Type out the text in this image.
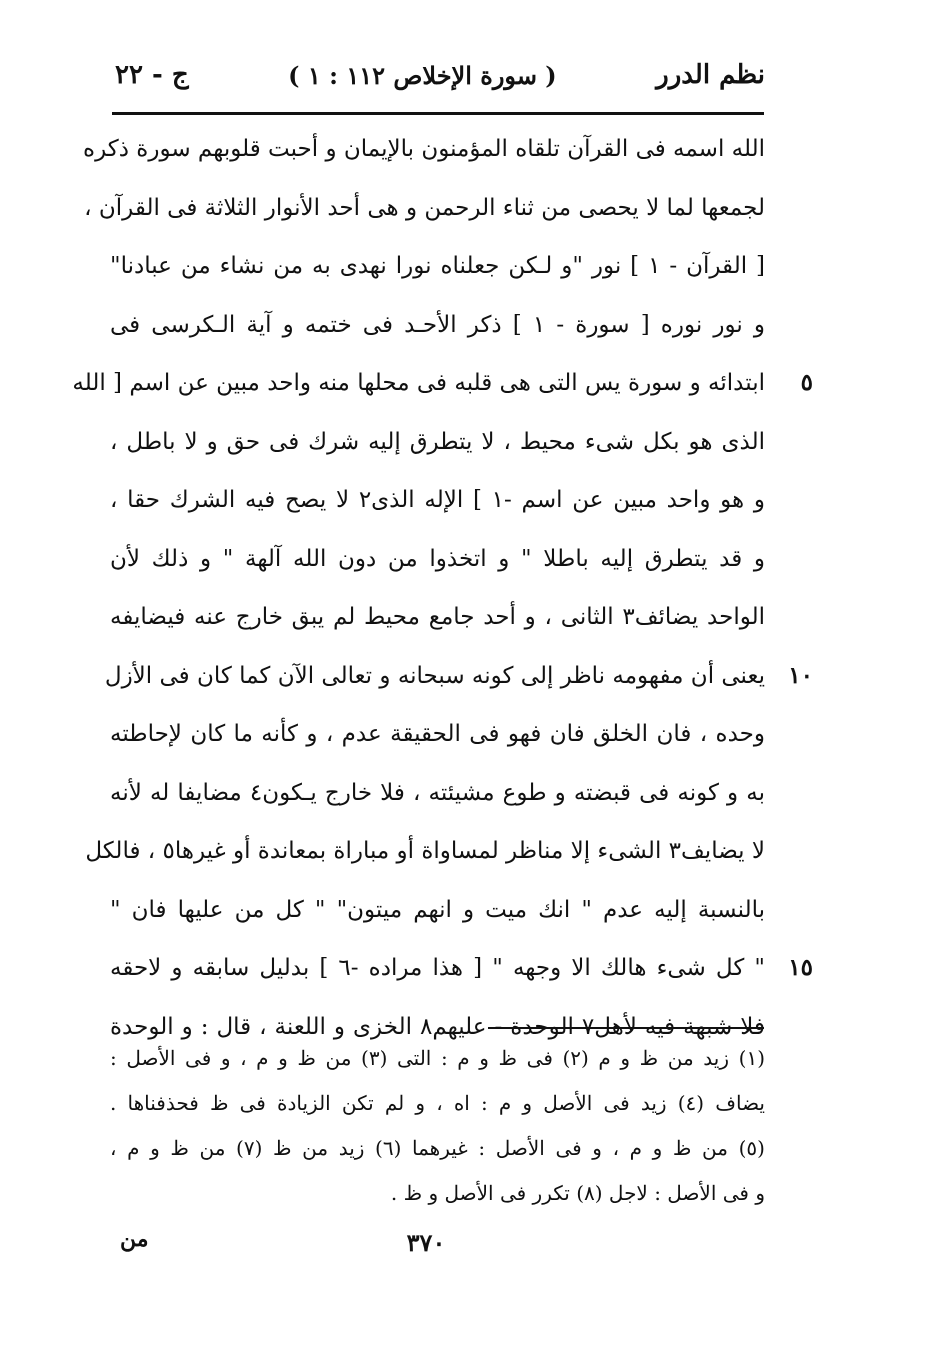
نظم الدرر
( سورة الإخلاص ١١٢ : ١ )
ج - ٢٢
الله اسمه فى القرآن تلقاه المؤمنون بالإيمان و أحبت قلوبهم سورة ذكره
لجمعها لما لا يحصى من ثناء الرحمن و هى أحد الأنوار الثلاثة فى القرآن ،
[ القرآن - ١ ] نور "و لـكن جعلناه نورا نهدى به من نشاء من عبادنا"
و نور نوره [ سورة - ١ ] ذكر الأحـد فى ختمه و آية الـكرسى فى
٥
ابتدائه و سورة يس التى هى قلبه فى محلها منه واحد مبين عن اسم [ الله
الذى هو بكل شىء محيط ، لا يتطرق إليه شرك فى حق و لا باطل ،
و هو واحد مبين عن اسم -١ ] الإله الذى٢ لا يصح فيه الشرك حقا ،
و قد يتطرق إليه باطلا " و اتخذوا من دون الله آلهة " و ذلك لأن
الواحد يضائف٣ الثانى ، و أحد جامع محيط لم يبق خارج عنه فيضايفه
١٠
يعنى أن مفهومه ناظر إلى كونه سبحانه و تعالى الآن كما كان فى الأزل
وحده ، فان الخلق فان فهو فى الحقيقة عدم ، و كأنه ما كان لإحاطته
به و كونه فى قبضته و طوع مشيئته ، فلا خارج يـكون٤ مضايفا له لأنه
لا يضايف٣ الشىء إلا مناظر لمساواة أو مباراة بمعاندة أو غيرها٥ ، فالكل
بالنسبة إليه عدم " انك ميت و انهم ميتون" " كل من عليها فان "
١٥
" كل شىء هالك الا وجهه " [ هذا مراده -٦ ] بدليل سابقه و لاحقه
فلا شبهة فيه لأهل٧ الوحدة - عليهم٨ الخزى و اللعنة ، قال : و الوحدة
(١) زيد من ظ و م (٢) فى ظ و م : التى (٣) من ظ و م ، و فى الأصل :
يضاف (٤) زيد فى الأصل و م : اه ، و لم تكن الزيادة فى ظ فحذفناها .
(٥) من ظ و م ، و فى الأصل : غيرهما (٦) زيد من ظ (٧) من ظ و م ،
و فى الأصل : لاجل (٨) تكرر فى الأصل و ظ .
٣٧٠
من
